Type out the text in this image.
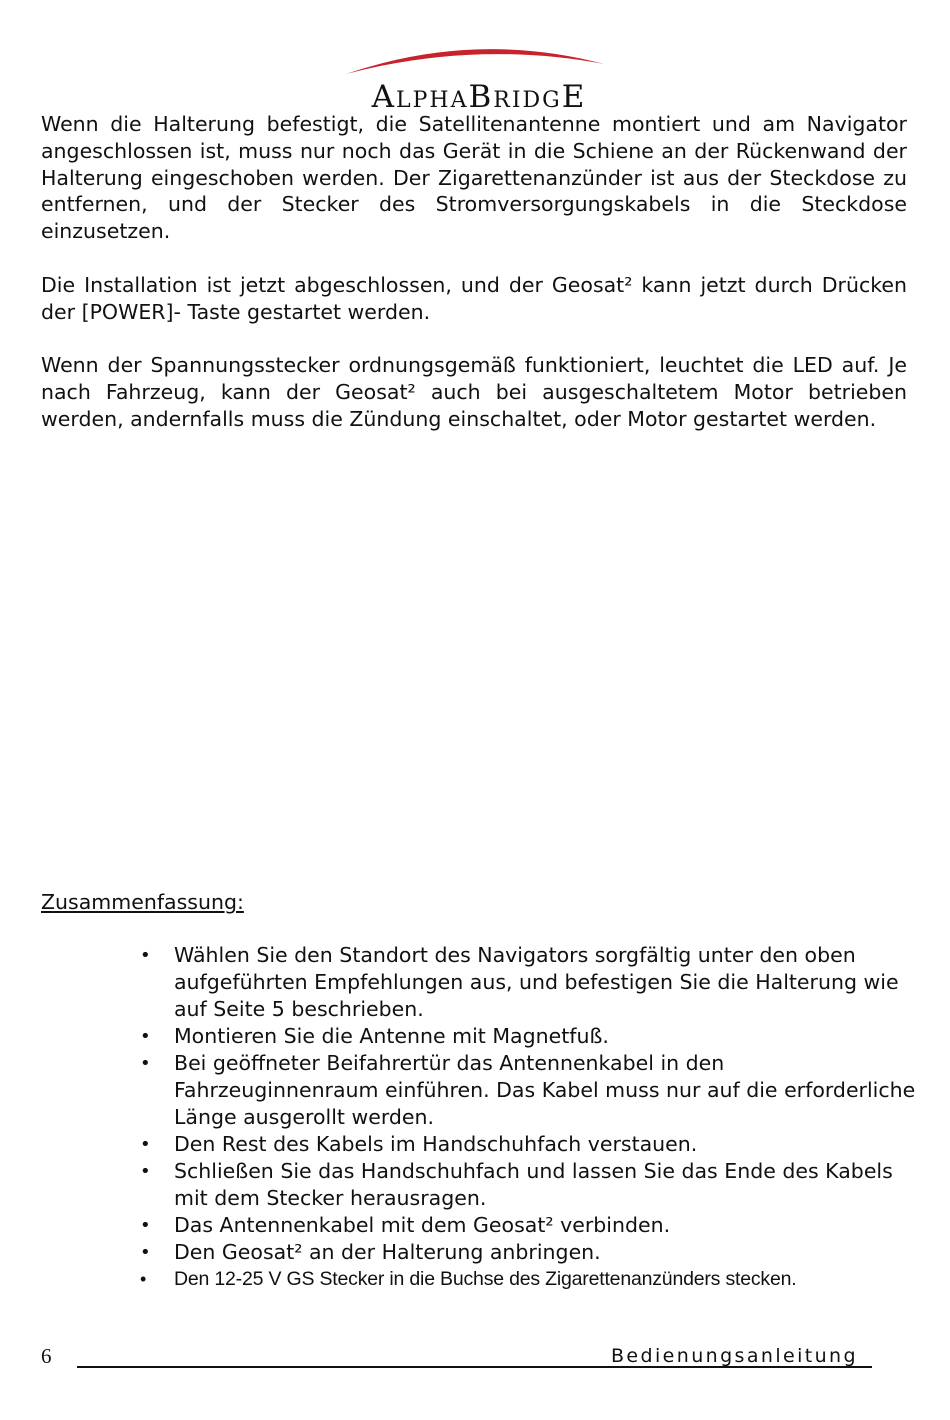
AlphaBridgE

Wenn die Halterung befestigt, die Satellitenantenne montiert und am Navigator angeschlossen ist, muss nur noch das Gerät in die Schiene an der Rückenwand der Halterung eingeschoben werden. Der Zigarettenanzünder ist aus der Steckdose zu entfernen, und der Stecker des Stromversorgungskabels in die Steckdose einzusetzen.

Die Installation ist jetzt abgeschlossen, und der Geosat² kann jetzt durch Drücken der [POWER]- Taste gestartet werden.

Wenn der Spannungsstecker ordnungsgemäß funktioniert, leuchtet die LED auf. Je nach Fahrzeug, kann der Geosat² auch bei ausgeschaltetem Motor betrieben werden, andernfalls muss die Zündung einschaltet, oder Motor gestartet werden.

Zusammenfassung:

• Wählen Sie den Standort des Navigators sorgfältig unter den oben aufgeführten Empfehlungen aus, und befestigen Sie die Halterung wie auf Seite 5 beschrieben.
• Montieren Sie die Antenne mit Magnetfuß.
• Bei geöffneter Beifahrertür das Antennenkabel in den Fahrzeuginnenraum einführen. Das Kabel muss nur auf die erforderliche Länge ausgerollt werden.
• Den Rest des Kabels im Handschuhfach verstauen.
• Schließen Sie das Handschuhfach und lassen Sie das Ende des Kabels mit dem Stecker herausragen.
• Das Antennenkabel mit dem Geosat² verbinden.
• Den Geosat² an der Halterung anbringen.
• Den 12-25 V GS Stecker in die Buchse des Zigarettenanzünders stecken.
6	Bedienungsanleitung
